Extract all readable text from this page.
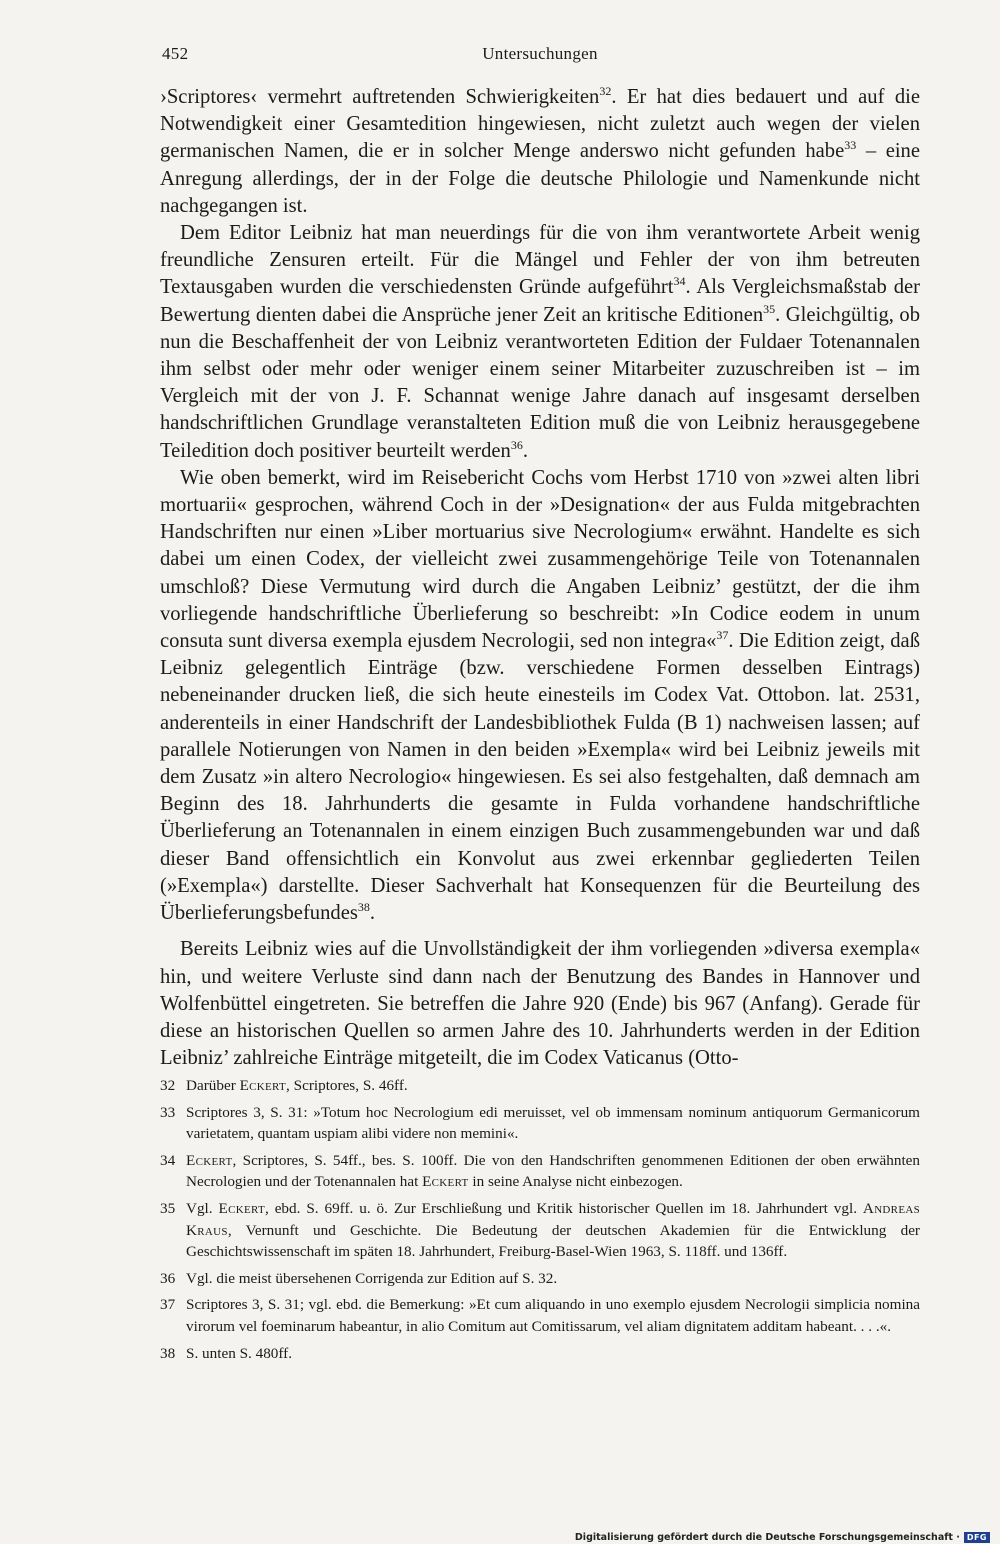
452	Untersuchungen

›Scriptores‹ vermehrt auftretenden Schwierigkeiten$^{32}$. Er hat dies bedauert und auf die Notwendigkeit einer Gesamtedition hingewiesen, nicht zuletzt auch wegen der vielen germanischen Namen, die er in solcher Menge anderswo nicht gefunden habe$^{33}$ – eine Anregung allerdings, der in der Folge die deutsche Philologie und Namenkunde nicht nachgegangen ist.

Dem Editor Leibniz hat man neuerdings für die von ihm verantwortete Arbeit wenig freundliche Zensuren erteilt. Für die Mängel und Fehler der von ihm betreuten Textausgaben wurden die verschiedensten Gründe aufgeführt$^{34}$. Als Vergleichsmaßstab der Bewertung dienten dabei die Ansprüche jener Zeit an kritische Editionen$^{35}$. Gleichgültig, ob nun die Beschaffenheit der von Leibniz verantworteten Edition der Fuldaer Totenannalen ihm selbst oder mehr oder weniger einem seiner Mitarbeiter zuzuschreiben ist – im Vergleich mit der von J. F. Schannat wenige Jahre danach auf insgesamt derselben handschriftlichen Grundlage veranstalteten Edition muß die von Leibniz herausgegebene Teiledition doch positiver beurteilt werden$^{36}$.

Wie oben bemerkt, wird im Reisebericht Cochs vom Herbst 1710 von »zwei alten libri mortuarii« gesprochen, während Coch in der »Designation« der aus Fulda mitgebrachten Handschriften nur einen »Liber mortuarius sive Necrologium« erwähnt. Handelte es sich dabei um einen Codex, der vielleicht zwei zusammengehörige Teile von Totenannalen umschloß? Diese Vermutung wird durch die Angaben Leibniz’ gestützt, der die ihm vorliegende handschriftliche Überlieferung so beschreibt: »In Codice eodem in unum consuta sunt diversa exempla ejusdem Necrologii, sed non integra«$^{37}$. Die Edition zeigt, daß Leibniz gelegentlich Einträge (bzw. verschiedene Formen desselben Eintrags) nebeneinander drucken ließ, die sich heute einesteils im Codex Vat. Ottobon. lat. 2531, anderenteils in einer Handschrift der Landesbibliothek Fulda (B 1) nachweisen lassen; auf parallele Notierungen von Namen in den beiden »Exempla« wird bei Leibniz jeweils mit dem Zusatz »in altero Necrologio« hingewiesen. Es sei also festgehalten, daß demnach am Beginn des 18. Jahrhunderts die gesamte in Fulda vorhandene handschriftliche Überlieferung an Totenannalen in einem einzigen Buch zusammengebunden war und daß dieser Band offensichtlich ein Konvolut aus zwei erkennbar gegliederten Teilen (»Exempla«) darstellte. Dieser Sachverhalt hat Konsequenzen für die Beurteilung des Überlieferungsbefundes$^{38}$.

Bereits Leibniz wies auf die Unvollständigkeit der ihm vorliegenden »diversa exempla« hin, und weitere Verluste sind dann nach der Benutzung des Bandes in Hannover und Wolfenbüttel eingetreten. Sie betreffen die Jahre 920 (Ende) bis 967 (Anfang). Gerade für diese an historischen Quellen so armen Jahre des 10. Jahrhunderts werden in der Edition Leibniz’ zahlreiche Einträge mitgeteilt, die im Codex Vaticanus (Otto-

32 Darüber Eckert, Scriptores, S. 46ff.
33 Scriptores 3, S. 31: »Totum hoc Necrologium edi meruisset, vel ob immensam nominum antiquorum Germanicorum varietatem, quantam uspiam alibi videre non memini«.
34 Eckert, Scriptores, S. 54ff., bes. S. 100ff. Die von den Handschriften genommenen Editionen der oben erwähnten Necrologien und der Totenannalen hat Eckert in seine Analyse nicht einbezogen.
35 Vgl. Eckert, ebd. S. 69ff. u. ö. Zur Erschließung und Kritik historischer Quellen im 18. Jahrhundert vgl. Andreas Kraus, Vernunft und Geschichte. Die Bedeutung der deutschen Akademien für die Entwicklung der Geschichtswissenschaft im späten 18. Jahrhundert, Freiburg-Basel-Wien 1963, S. 118ff. und 136ff.
36 Vgl. die meist übersehenen Corrigenda zur Edition auf S. 32.
37 Scriptores 3, S. 31; vgl. ebd. die Bemerkung: »Et cum aliquando in uno exemplo ejusdem Necrologii simplicia nomina virorum vel foeminarum habeantur, in alio Comitum aut Comitissarum, vel aliam dignitatem additam habeant. . . .«.
38 S. unten S. 480ff.
Digitalisierung gefördert durch die Deutsche Forschungsgemeinschaft · DFG
